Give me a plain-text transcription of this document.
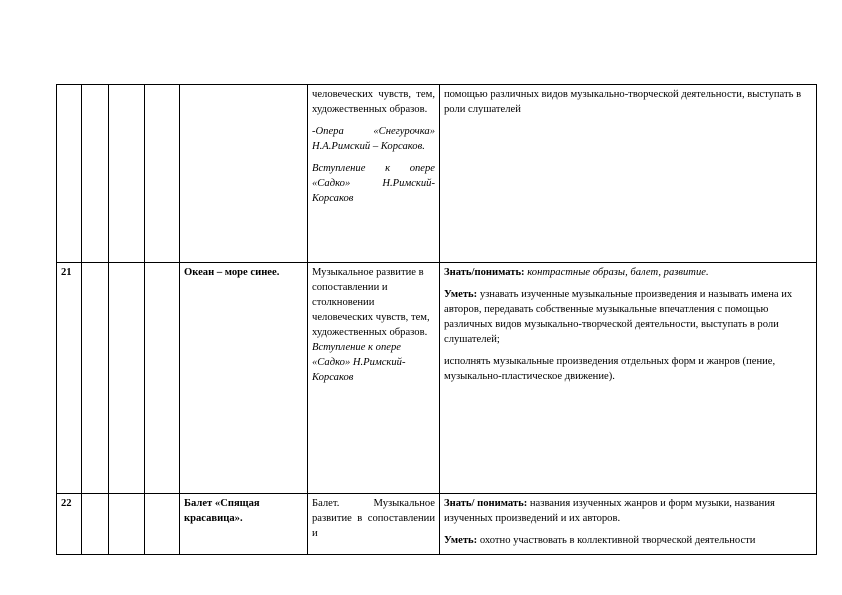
					человеческих чувств, тем, художественных образов.

-Опера «Снегурочка» Н.А.Римский – Корсаков.

Вступление к опере «Садко» Н.Римский-Корсаков	помощью различных видов музыкально-творческой деятельности, выступать в роли слушателей

21				Океан – море синее.	Музыкальное развитие в сопоставлении и столкновении человеческих чувств, тем, художественных образов. Вступление к опере «Садко» Н.Римский-Корсаков	Знать/понимать: контрастные образы, балет, развитие.

Уметь: узнавать изученные музыкальные произведения и называть имена их авторов, передавать собственные музыкальные впечатления с помощью различных видов музыкально-творческой деятельности, выступать в роли слушателей;

исполнять музыкальные произведения отдельных форм и жанров (пение, музыкально-пластическое движение).

22				Балет «Спящая красавица».	Балет. Музыкальное развитие в сопоставлении и	Знать/ понимать: названия изученных жанров и форм музыки, названия изученных произведений и их авторов.

Уметь: охотно участвовать в коллективной творческой деятельности
